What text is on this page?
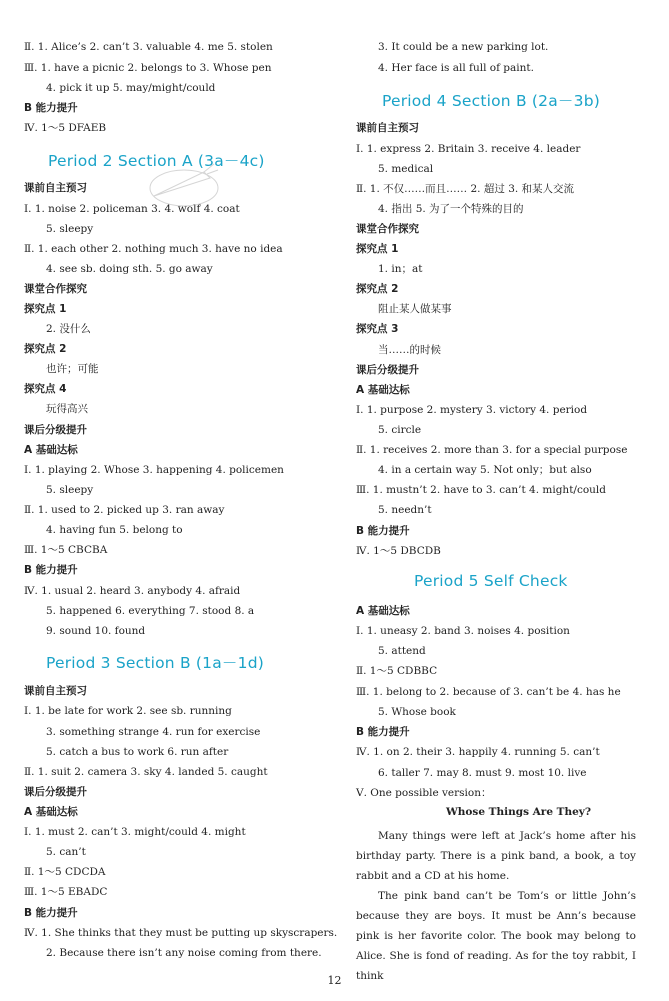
Ⅱ. 1. Alice’s 2. can’t 3. valuable 4. me 5. stolen
Ⅲ. 1. have a picnic 2. belongs to 3. Whose pen
4. pick it up 5. may/might/could
B 能力提升
Ⅳ. 1～5 DFAEB
课前自主预习
Ⅰ. 1. noise 2. policeman 3. 4. wolf 4. coat
5. sleepy
Ⅱ. 1. each other 2. nothing much 3. have no idea
4. see sb. doing sth. 5. go away
课堂合作探究
探究点 1
2. 没什么
探究点 2
也许；可能
探究点 4
玩得高兴
课后分级提升
A 基础达标
Ⅰ. 1. playing 2. Whose 3. happening 4. policemen
5. sleepy
Ⅱ. 1. used to 2. picked up 3. ran away
4. having fun 5. belong to
Ⅲ. 1～5 CBCBA
B 能力提升
Ⅳ. 1. usual 2. heard 3. anybody 4. afraid
5. happened 6. everything 7. stood 8. a
9. sound 10. found
课前自主预习
Ⅰ. 1. be late for work 2. see sb. running
3. something strange 4. run for exercise
5. catch a bus to work 6. run after
Ⅱ. 1. suit 2. camera 3. sky 4. landed 5. caught
课后分级提升
A 基础达标
Ⅰ. 1. must 2. can’t 3. might/could 4. might
5. can’t
Ⅱ. 1～5 CDCDA
Ⅲ. 1～5 EBADC
B 能力提升
Ⅳ. 1. She thinks that they must be putting up skyscrapers.
2. Because there isn’t any noise coming from there.
Period 2 Section A (3a－4c)
Period 3 Section B (1a－1d)
3. It could be a new parking lot.
4. Her face is all full of paint.
课前自主预习
Ⅰ. 1. express 2. Britain 3. receive 4. leader
5. medical
Ⅱ. 1. 不仅……而且…… 2. 超过 3. 和某人交流
4. 指出 5. 为了一个特殊的目的
课堂合作探究
探究点 1
1. in；at
探究点 2
阻止某人做某事
探究点 3
当……的时候
课后分级提升
A 基础达标
Ⅰ. 1. purpose 2. mystery 3. victory 4. period
5. circle
Ⅱ. 1. receives 2. more than 3. for a special purpose
4. in a certain way 5. Not only；but also
Ⅲ. 1. mustn’t 2. have to 3. can’t 4. might/could
5. needn’t
B 能力提升
Ⅳ. 1～5 DBCDB
A 基础达标
Ⅰ. 1. uneasy 2. band 3. noises 4. position
5. attend
Ⅱ. 1～5 CDBBC
Ⅲ. 1. belong to 2. because of 3. can’t be 4. has he
5. Whose book
B 能力提升
Ⅳ. 1. on 2. their 3. happily 4. running 5. can’t
6. taller 7. may 8. must 9. most 10. live
Ⅴ. One possible version：
Period 4 Section B (2a－3b)
Period 5 Self Check
Whose Things Are They?
Many things were left at Jack’s home after his birthday party. There is a pink band, a book, a toy rabbit and a CD at his home.
The pink band can’t be Tom’s or little John’s because they are boys. It must be Ann’s because pink is her favorite color. The book may belong to Alice. She is fond of reading. As for the toy rabbit, I think
12
